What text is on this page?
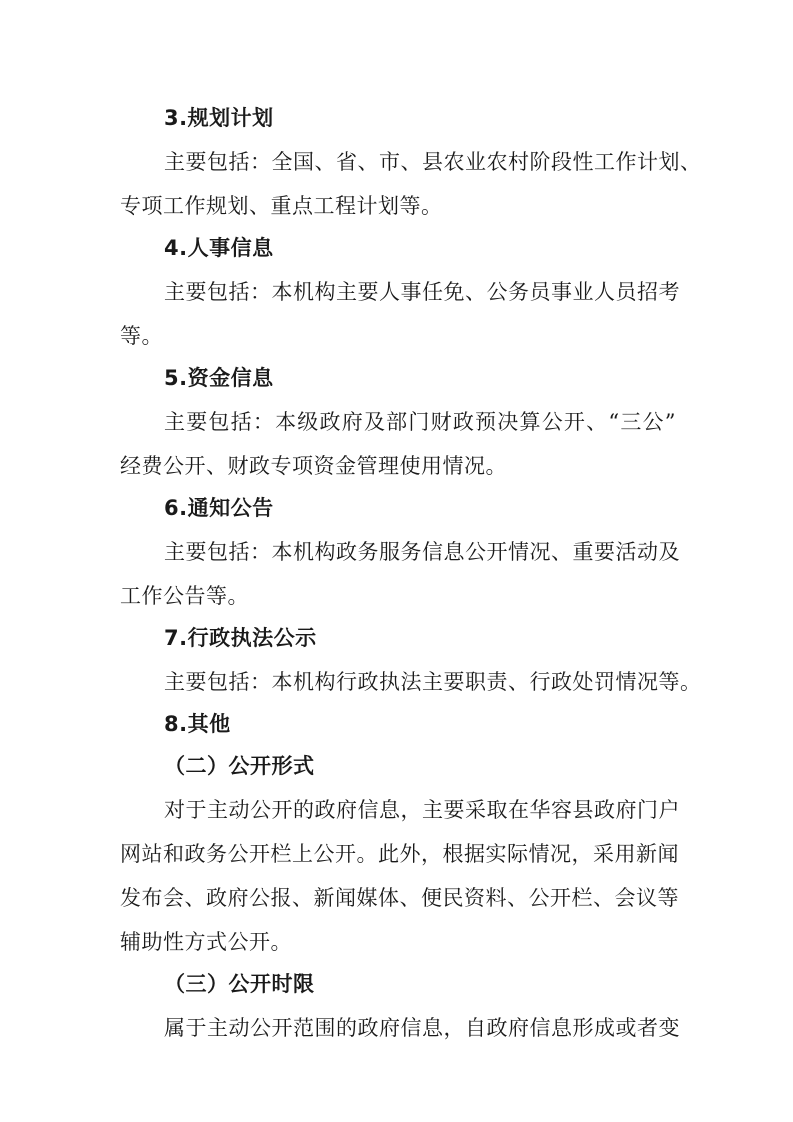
3.规划计划
主要包括：全国、省、市、县农业农村阶段性工作计划、
专项工作规划、重点工程计划等。
4.人事信息
主要包括：本机构主要人事任免、公务员事业人员招考
等。
5.资金信息
主要包括：本级政府及部门财政预决算公开、“三公”
经费公开、财政专项资金管理使用情况。
6.通知公告
主要包括：本机构政务服务信息公开情况、重要活动及
工作公告等。
7.行政执法公示
主要包括：本机构行政执法主要职责、行政处罚情况等。
8.其他
（二）公开形式
对于主动公开的政府信息，主要采取在华容县政府门户
网站和政务公开栏上公开。此外，根据实际情况，采用新闻
发布会、政府公报、新闻媒体、便民资料、公开栏、会议等
辅助性方式公开。
（三）公开时限
属于主动公开范围的政府信息，自政府信息形成或者变
